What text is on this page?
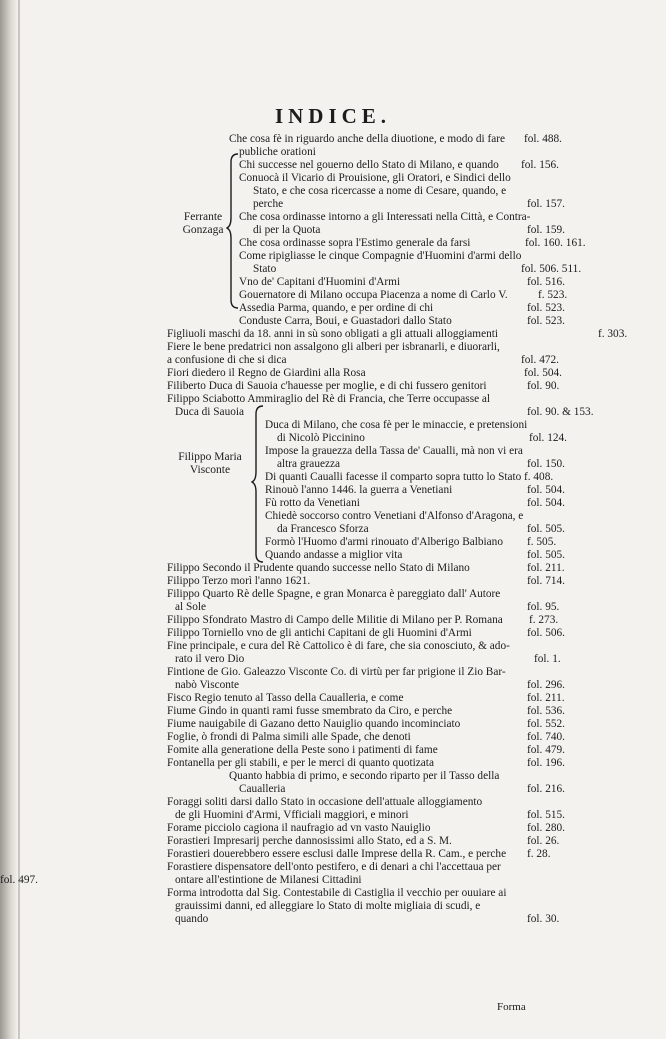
INDICE.
Ferrante
Gonzaga
Filippo Maria
Visconte
Che cosa fè in riguardo anche della diuotione, e modo di fare fol. 488.
publiche orationi
Chi successe nel gouerno dello Stato di Milano, e quando fol. 156.
Conuocà il Vicario di Prouisione, gli Oratori, e Sindici dello
Stato, e che cosa ricercasse a nome di Cesare, quando, e
perche	fol. 157.
Che cosa ordinasse intorno a gli Interessati nella Città, e Contra-
di per la Quota	fol. 159.
Che cosa ordinasse sopra l'Estimo generale da farsi	fol. 160. 161.
Come ripigliasse le cinque Compagnie d'Huomini d'armi dello
Stato	fol. 506. 511.
Vno de' Capitani d'Huomini d'Armi	fol. 516.
Gouernatore di Milano occupa Piacenza a nome di Carlo V.	f. 523.
Assedia Parma, quando, e per ordine di chi	fol. 523.
Conduste Carra, Boui, e Guastadori dallo Stato	fol. 523.
Figliuoli maschi da 18. anni in sù sono obligati a gli attuali alloggiamenti	f. 303.
Fiere le bene predatrici non assalgono gli alberi per isbranarli, e diuorarli,
a confusione di che si dica	fol. 472.
Fiori diedero il Regno de Giardini alla Rosa	fol. 504.
Filiberto Duca di Sauoia c'hauesse per moglie, e di chi fussero genitori	fol. 90.
Filippo Sciabotto Ammiraglio del Rè di Francia, che Terre occupasse al
Duca di Sauoia	fol. 90. & 153.
Duca di Milano, che cosa fè per le minaccie, e pretensioni
di Nicolò Piccinino	fol. 124.
Impose la grauezza della Tassa de' Caualli, mà non vi era
altra grauezza	fol. 150.
Di quanti Caualli facesse il comparto sopra tutto lo Stato f. 408.
Rinouò l'anno 1446. la guerra a Venetiani	fol. 504.
Fù rotto da Venetiani	fol. 504.
Chiedè soccorso contro Venetiani d'Alfonso d'Aragona, e
da Francesco Sforza	fol. 505.
Formò l'Huomo d'armi rinouato d'Alberigo Balbiano f. 505.
Quando andasse a miglior vita	fol. 505.
Filippo Secondo il Prudente quando successe nello Stato di Milano	fol. 211.
Filippo Terzo morì l'anno 1621.	fol. 714.
Filippo Quarto Rè delle Spagne, e gran Monarca è pareggiato dall' Autore
al Sole	fol. 95.
Filippo Sfondrato Mastro di Campo delle Militie di Milano per P. Romana f. 273.
Filippo Torniello vno de gli antichi Capitani de gli Huomini d'Armi	fol. 506.
Fine principale, e cura del Rè Cattolico è di fare, che sia conosciuto, & ado-
rato il vero Dio	fol. 1.
Fintione de Gio. Galeazzo Visconte Co. di virtù per far prigione il Zio Bar-
nabò Visconte	fol. 296.
Fisco Regio tenuto al Tasso della Caualleria, e come	fol. 211.
Fiume Gindo in quanti rami fusse smembrato da Ciro, e perche	fol. 536.
Fiume nauigabile di Gazano detto Nauiglio quando incominciato	fol. 552.
Foglie, ò frondi di Palma simili alle Spade, che denoti	fol. 740.
Fomite alla generatione della Peste sono i patimenti di fame	fol. 479.
Fontanella per gli stabili, e per le merci di quanto quotizata	fol. 196.
Quanto habbia di primo, e secondo riparto per il Tasso della
Caualleria	fol. 216.
Foraggi soliti darsi dallo Stato in occasione dell'attuale alloggiamento
de gli Huomini d'Armi, Vfficiali maggiori, e minori	fol. 515.
Forame picciolo cagiona il naufragio ad vn vasto Nauiglio	fol. 280.
Forastieri Impresarij perche dannosissimi allo Stato, ed a S. M.	fol. 26.
Forastieri douerebbero essere esclusi dalle Imprese della R. Cam., e perche f. 28.
Forastiere dispensatore dell'onto pestifero, e di denari a chi l'accettaua per
ontare all'estintione de Milanesi Cittadini
fol. 497.
Forma introdotta dal Sig. Contestabile di Castiglia il vecchio per ouuiare ai
grauissimi danni, ed alleggiare lo Stato di molte migliaia di scudi, e
quando	fol. 30.
Forma
